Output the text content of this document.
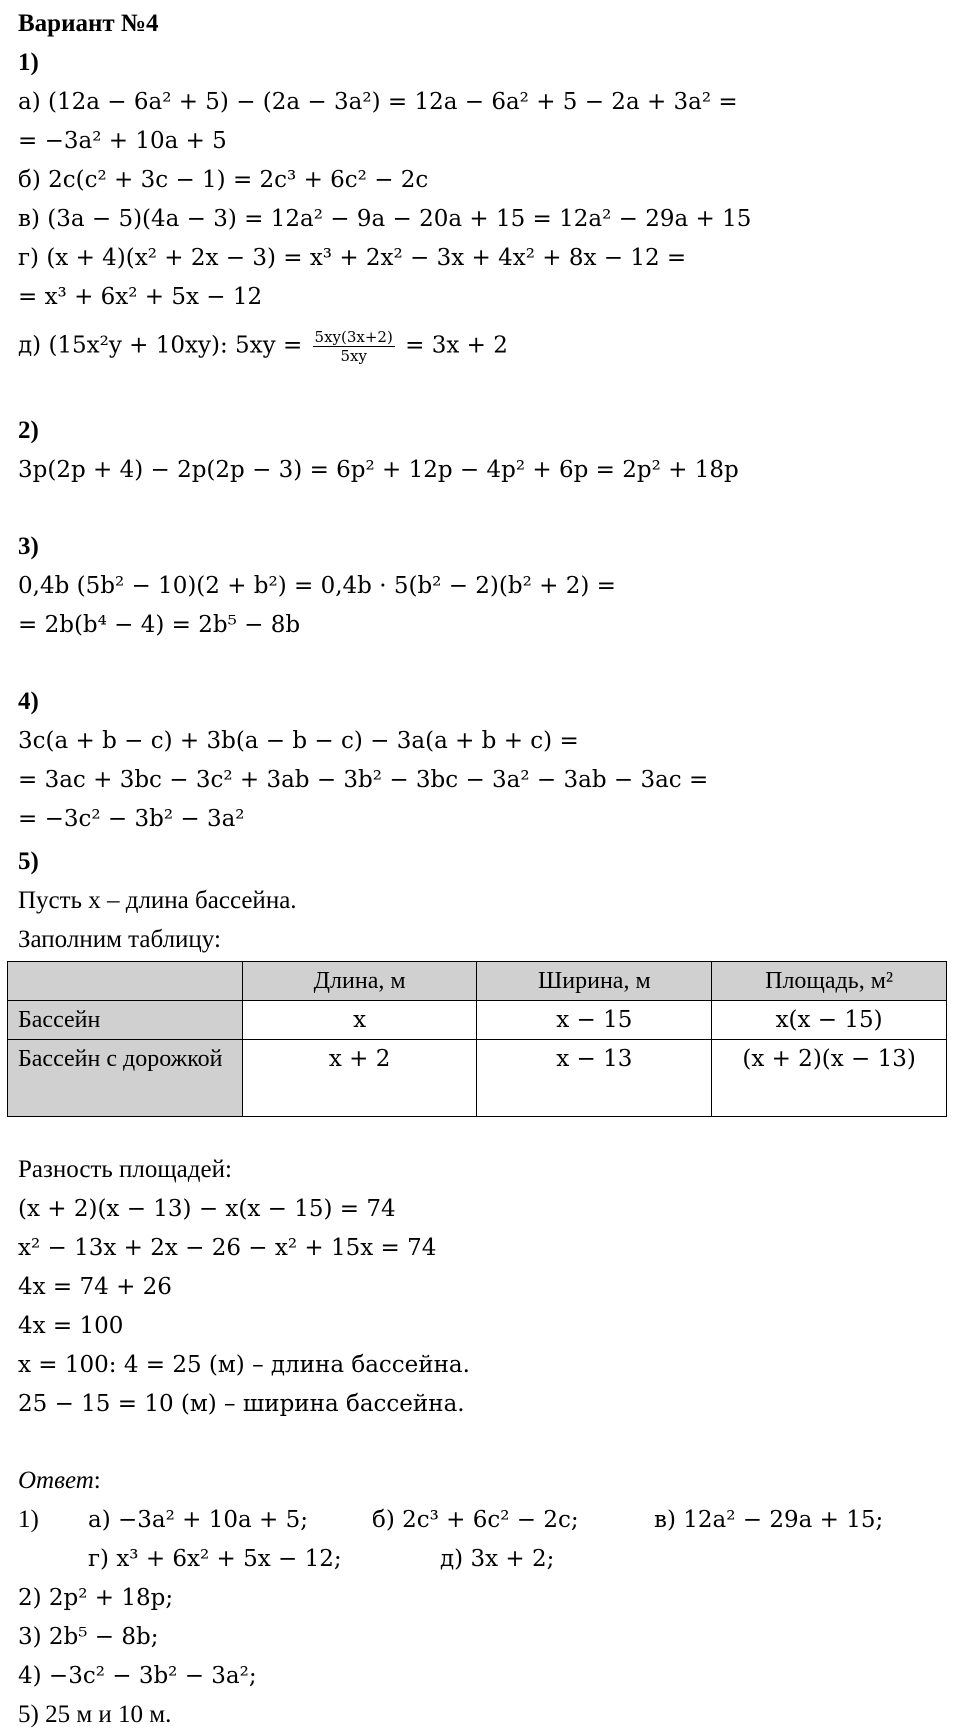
Вариант №4
1)
а) (12a − 6a² + 5) − (2a − 3a²) = 12a − 6a² + 5 − 2a + 3a² =
= −3a² + 10a + 5
б) 2c(c² + 3c − 1) = 2c³ + 6c² − 2c
в) (3a − 5)(4a − 3) = 12a² − 9a − 20a + 15 = 12a² − 29a + 15
г) (x + 4)(x² + 2x − 3) = x³ + 2x² − 3x + 4x² + 8x − 12 =
= x³ + 6x² + 5x − 12
д) (15x²y + 10xy): $5xy = \frac{5xy(3x+2)}{5xy} = 3x + 2$
2)
3p(2p + 4) − 2p(2p − 3) = 6p² + 12p − 4p² + 6p = 2p² + 18p
3)
0,4b (5b² − 10)(2 + b²) = 0,4b · 5(b² − 2)(b² + 2) =
= 2b(b⁴ − 4) = 2b⁵ − 8b
4)
3c(a + b − c) + 3b(a − b − c) − 3a(a + b + c) =
= 3ac + 3bc − 3c² + 3ab − 3b² − 3bc − 3a² − 3ab − 3ac =
= −3c² − 3b² − 3a²
5)
Пусть x – длина бассейна.
Заполним таблицу:
	Длина, м	Ширина, м	Площадь, м²
Бассейн	x	x − 15	x(x − 15)
Бассейн с дорожкой	x + 2	x − 13	(x + 2)(x − 13)
Разность площадей:
(x + 2)(x − 13) − x(x − 15) = 74
x² − 13x + 2x − 26 − x² + 15x = 74
4x = 74 + 26
4x = 100
x = 100: 4 = 25 (м) – длина бассейна.
25 − 15 = 10 (м) – ширина бассейна.
Ответ:
1) а) −3a² + 10a + 5;	б) 2c³ + 6c² − 2c;	в) 12a² − 29a + 15;
г) x³ + 6x² + 5x − 12;	д) 3x + 2;
2) 2p² + 18p;
3) 2b⁵ − 8b;
4) −3c² − 3b² − 3a²;
5) 25 м и 10 м.
